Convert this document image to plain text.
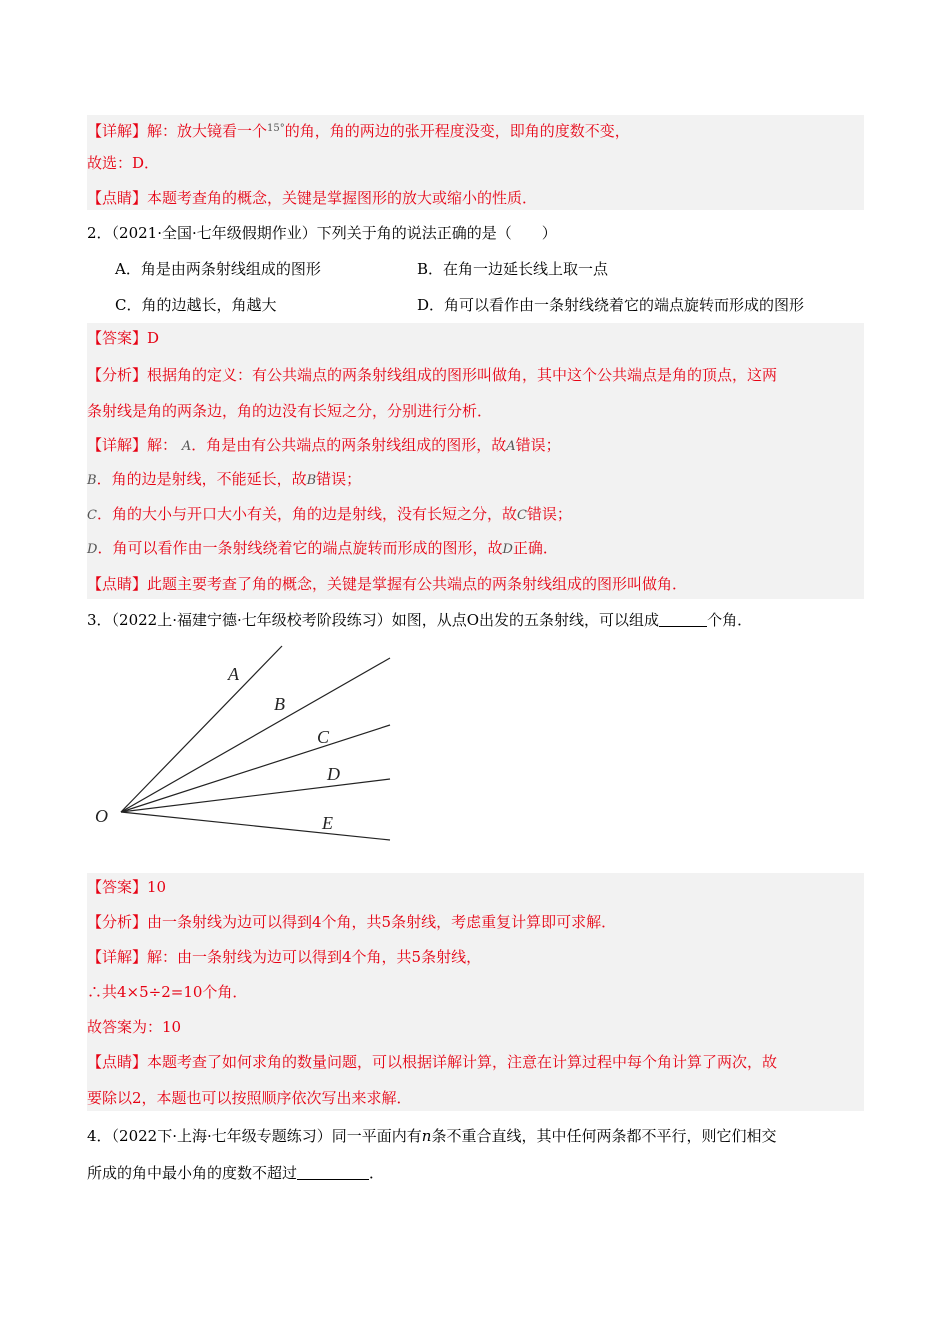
【详解】解：放大镜看一个$^{15^\circ}$的角，角的两边的张开程度没变，即角的度数不变，
故选：D．
【点睛】本题考查角的概念，关键是掌握图形的放大或缩小的性质．
2．（2021·全国·七年级假期作业）下列关于角的说法正确的是（　　）
A．角是由两条射线组成的图形	B．在角一边延长线上取一点
C．角的边越长，角越大	D．角可以看作由一条射线绕着它的端点旋转而形成的图形
【答案】D
【分析】根据角的定义：有公共端点的两条射线组成的图形叫做角，其中这个公共端点是角的顶点，这两
条射线是角的两条边，角的边没有长短之分，分别进行分析．
【详解】解： A．角是由有公共端点的两条射线组成的图形，故A错误；
B．角的边是射线，不能延长，故B错误；
C．角的大小与开口大小有关，角的边是射线，没有长短之分，故C错误；
D．角可以看作由一条射线绕着它的端点旋转而形成的图形，故D正确．
【点睛】此题主要考查了角的概念，关键是掌握有公共端点的两条射线组成的图形叫做角．
3．（2022上·福建宁德·七年级校考阶段练习）如图，从点O出发的五条射线，可以组成	个角．
O
A
B
C
D
E
【答案】10
【分析】由一条射线为边可以得到4个角，共5条射线，考虑重复计算即可求解．
【详解】解：由一条射线为边可以得到4个角，共5条射线，
∴共4×5÷2=10个角．
故答案为：10
【点睛】本题考查了如何求角的数量问题，可以根据详解计算，注意在计算过程中每个角计算了两次，故
要除以2，本题也可以按照顺序依次写出来求解．
4．（2022下·上海·七年级专题练习）同一平面内有n条不重合直线，其中任何两条都不平行，则它们相交
所成的角中最小角的度数不超过	．
